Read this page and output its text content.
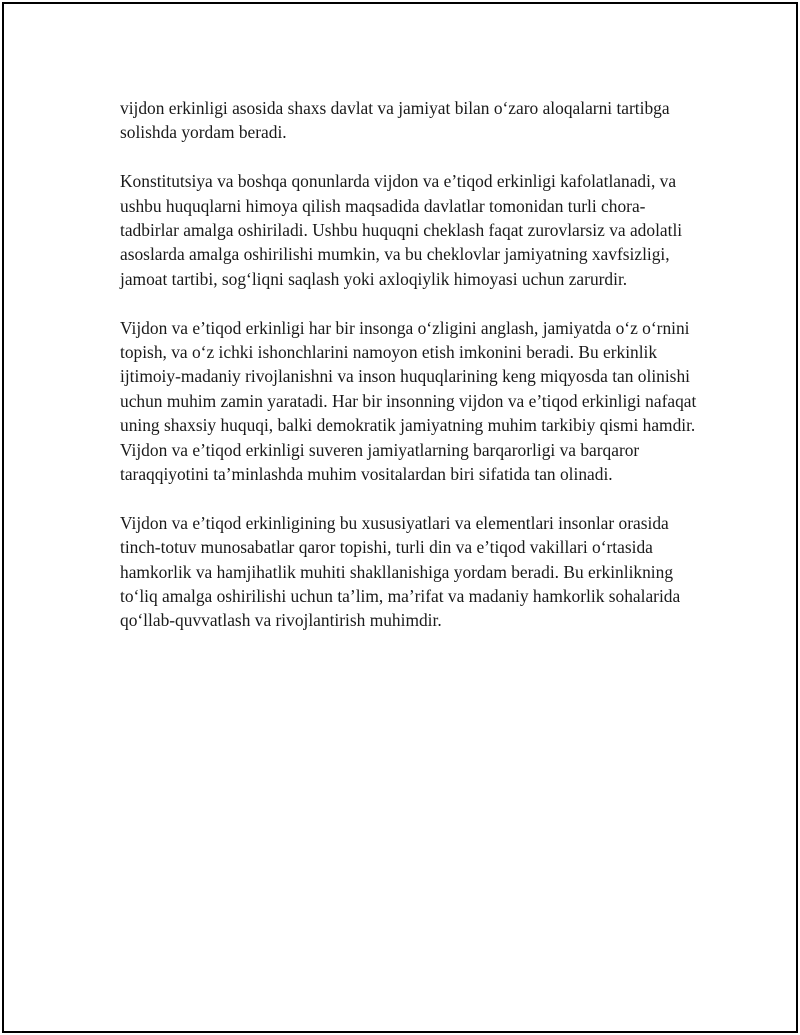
vijdon erkinligi asosida shaxs davlat va jamiyat bilan o‘zaro aloqalarni tartibga solishda yordam beradi.

Konstitutsiya va boshqa qonunlarda vijdon va e’tiqod erkinligi kafolatlanadi, va ushbu huquqlarni himoya qilish maqsadida davlatlar tomonidan turli chora-tadbirlar amalga oshiriladi. Ushbu huquqni cheklash faqat zurovlarsiz va adolatli asoslarda amalga oshirilishi mumkin, va bu cheklovlar jamiyatning xavfsizligi, jamoat tartibi, sog‘liqni saqlash yoki axloqiylik himoyasi uchun zarurdir.

Vijdon va e’tiqod erkinligi har bir insonga o‘zligini anglash, jamiyatda o‘z o‘rnini topish, va o‘z ichki ishonchlarini namoyon etish imkonini beradi. Bu erkinlik ijtimoiy-madaniy rivojlanishni va inson huquqlarining keng miqyosda tan olinishi uchun muhim zamin yaratadi. Har bir insonning vijdon va e’tiqod erkinligi nafaqat uning shaxsiy huquqi, balki demokratik jamiyatning muhim tarkibiy qismi hamdir. Vijdon va e’tiqod erkinligi suveren jamiyatlarning barqarorligi va barqaror taraqqiyotini ta’minlashda muhim vositalardan biri sifatida tan olinadi.

Vijdon va e’tiqod erkinligining bu xususiyatlari va elementlari insonlar orasida tinch-totuv munosabatlar qaror topishi, turli din va e’tiqod vakillari o‘rtasida hamkorlik va hamjihatlik muhiti shakllanishiga yordam beradi. Bu erkinlikning to‘liq amalga oshirilishi uchun ta’lim, ma’rifat va madaniy hamkorlik sohalarida qo‘llab-quvvatlash va rivojlantirish muhimdir.
